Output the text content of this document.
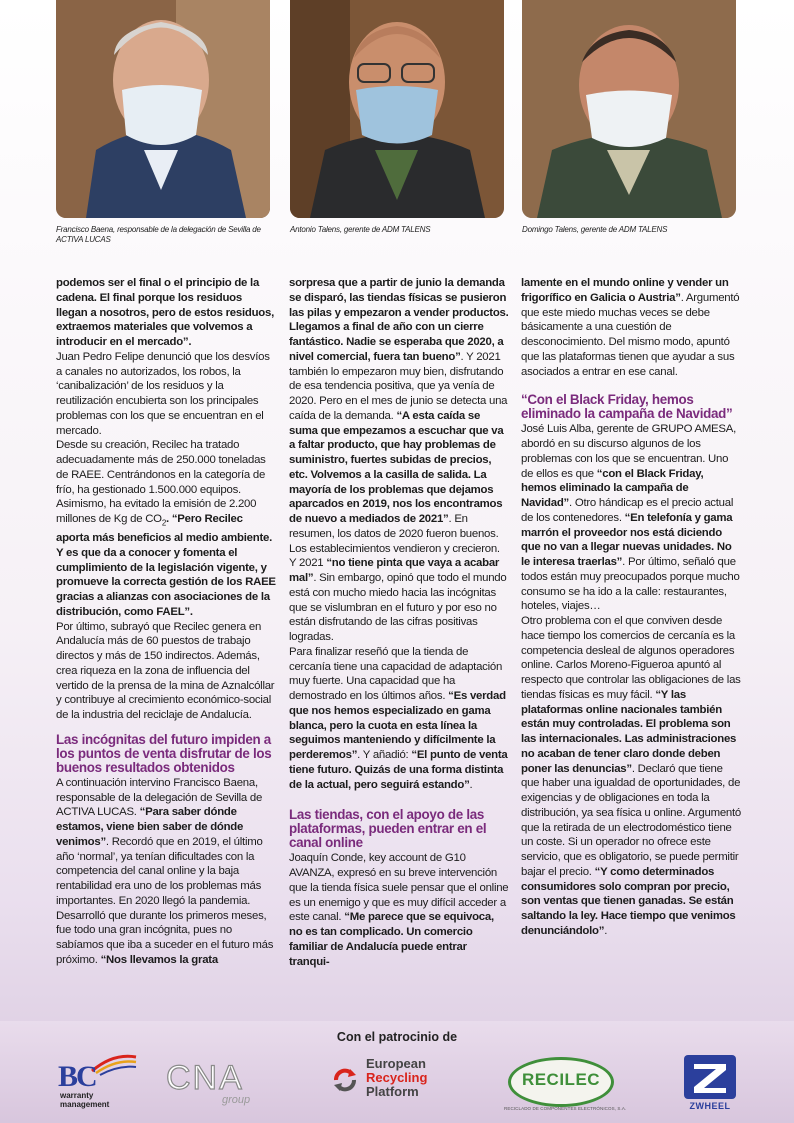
Francisco Baena, responsable de la delegación de Sevilla de ACTIVA LUCAS
Antonio Talens, gerente de ADM TALENS	Domingo Talens, gerente de ADM TALENS

podemos ser el final o el principio de la cadena. El final porque los residuos llegan a nosotros, pero de estos residuos, extraemos materiales que volvemos a introducir en el mercado”.

Juan Pedro Felipe denunció que los desvíos a canales no autorizados, los robos, la ‘canibalización’ de los residuos y la reutilización encubierta son los principales problemas con los que se encuentran en el mercado.

Desde su creación, Recilec ha tratado adecuadamente más de 250.000 toneladas de RAEE. Centrándonos en la categoría de frío, ha gestionado 1.500.000 equipos. Asimismo, ha evitado la emisión de 2.200 millones de Kg de $CO_2$. “Pero Recilec aporta más beneficios al medio ambiente. Y es que da a conocer y fomenta el cumplimiento de la legislación vigente, y promueve la correcta gestión de los RAEE gracias a alianzas con asociaciones de la distribución, como FAEL”.

Por último, subrayó que Recilec genera en Andalucía más de 60 puestos de trabajo directos y más de 150 indirectos. Además, crea riqueza en la zona de influencia del vertido de la prensa de la mina de Aznalcóllar y contribuye al crecimiento económico-social de la industria del reciclaje de Andalucía.

Las incógnitas del futuro impiden a los puntos de venta disfrutar de los buenos resultados obtenidos

A continuación intervino Francisco Baena, responsable de la delegación de Sevilla de ACTIVA LUCAS. “Para saber dónde estamos, viene bien saber de dónde venimos”. Recordó que en 2019, el último año ‘normal’, ya tenían dificultades con la competencia del canal online y la baja rentabilidad era uno de los problemas más importantes. En 2020 llegó la pandemia. Desarrolló que durante los primeros meses, fue todo una gran incógnita, pues no sabíamos que iba a suceder en el futuro más próximo. “Nos llevamos la grata

sorpresa que a partir de junio la demanda se disparó, las tiendas físicas se pusieron las pilas y empezaron a vender productos. Llegamos a final de año con un cierre fantástico. Nadie se esperaba que 2020, a nivel comercial, fuera tan bueno”. Y 2021 también lo empezaron muy bien, disfrutando de esa tendencia positiva, que ya venía de 2020. Pero en el mes de junio se detecta una caída de la demanda. “A esta caída se suma que empezamos a escuchar que va a faltar producto, que hay problemas de suministro, fuertes subidas de precios, etc. Volvemos a la casilla de salida. La mayoría de los problemas que dejamos aparcados en 2019, nos los encontramos de nuevo a mediados de 2021”. En resumen, los datos de 2020 fueron buenos. Los establecimientos vendieron y crecieron. Y 2021 “no tiene pinta que vaya a acabar mal”. Sin embargo, opinó que todo el mundo está con mucho miedo hacia las incógnitas que se vislumbran en el futuro y por eso no están disfrutando de las cifras positivas logradas.

Para finalizar reseñó que la tienda de cercanía tiene una capacidad de adaptación muy fuerte. Una capacidad que ha demostrado en los últimos años. “Es verdad que nos hemos especializado en gama blanca, pero la cuota en esta línea la seguimos manteniendo y difícilmente la perderemos”. Y añadió: “El punto de venta tiene futuro. Quizás de una forma distinta de la actual, pero seguirá estando”.

Las tiendas, con el apoyo de las plataformas, pueden entrar en el canal online

Joaquín Conde, key account de G10 AVANZA, expresó en su breve intervención que la tienda física suele pensar que el online es un enemigo y que es muy difícil acceder a este canal. “Me parece que se equivoca, no es tan complicado. Un comercio familiar de Andalucía puede entrar tranqui-

lamente en el mundo online y vender un frigorífico en Galicia o Austria”. Argumentó que este miedo muchas veces se debe básicamente a una cuestión de desconocimiento. Del mismo modo, apuntó que las plataformas tienen que ayudar a sus asociados a entrar en ese canal.

“Con el Black Friday, hemos eliminado la campaña de Navidad”

José Luis Alba, gerente de GRUPO AMESA, abordó en su discurso algunos de los problemas con los que se encuentran. Uno de ellos es que “con el Black Friday, hemos eliminado la campaña de Navidad”. Otro hándicap es el precio actual de los contenedores. “En telefonía y gama marrón el proveedor nos está diciendo que no van a llegar nuevas unidades. No le interesa traerlas”. Por último, señaló que todos están muy preocupados porque mucho consumo se ha ido a la calle: restaurantes, hoteles, viajes…

Otro problema con el que conviven desde hace tiempo los comercios de cercanía es la competencia desleal de algunos operadores online. Carlos Moreno-Figueroa apuntó al respecto que controlar las obligaciones de las tiendas físicas es muy fácil. “Y las plataformas online nacionales también están muy controladas. El problema son las internacionales. Las administraciones no acaban de tener claro donde deben poner las denuncias”. Declaró que tiene que haber una igualdad de oportunidades, de exigencias y de obligaciones en toda la distribución, ya sea física u online. Argumentó que la retirada de un electrodoméstico tiene un coste. Si un operador no ofrece este servicio, que es obligatorio, se puede permitir bajar el precio. “Y como determinados consumidores solo compran por precio, son ventas que tienen ganadas. Se están saltando la ley. Hace tiempo que venimos denunciándolo”.

Con el patrocinio de
BC
warranty
management
CNA
group
European
Recycling
Platform
RECILEC
RECICLADO DE COMPONENTES ELECTRÓNICOS, S.A.	ZWHEEL
